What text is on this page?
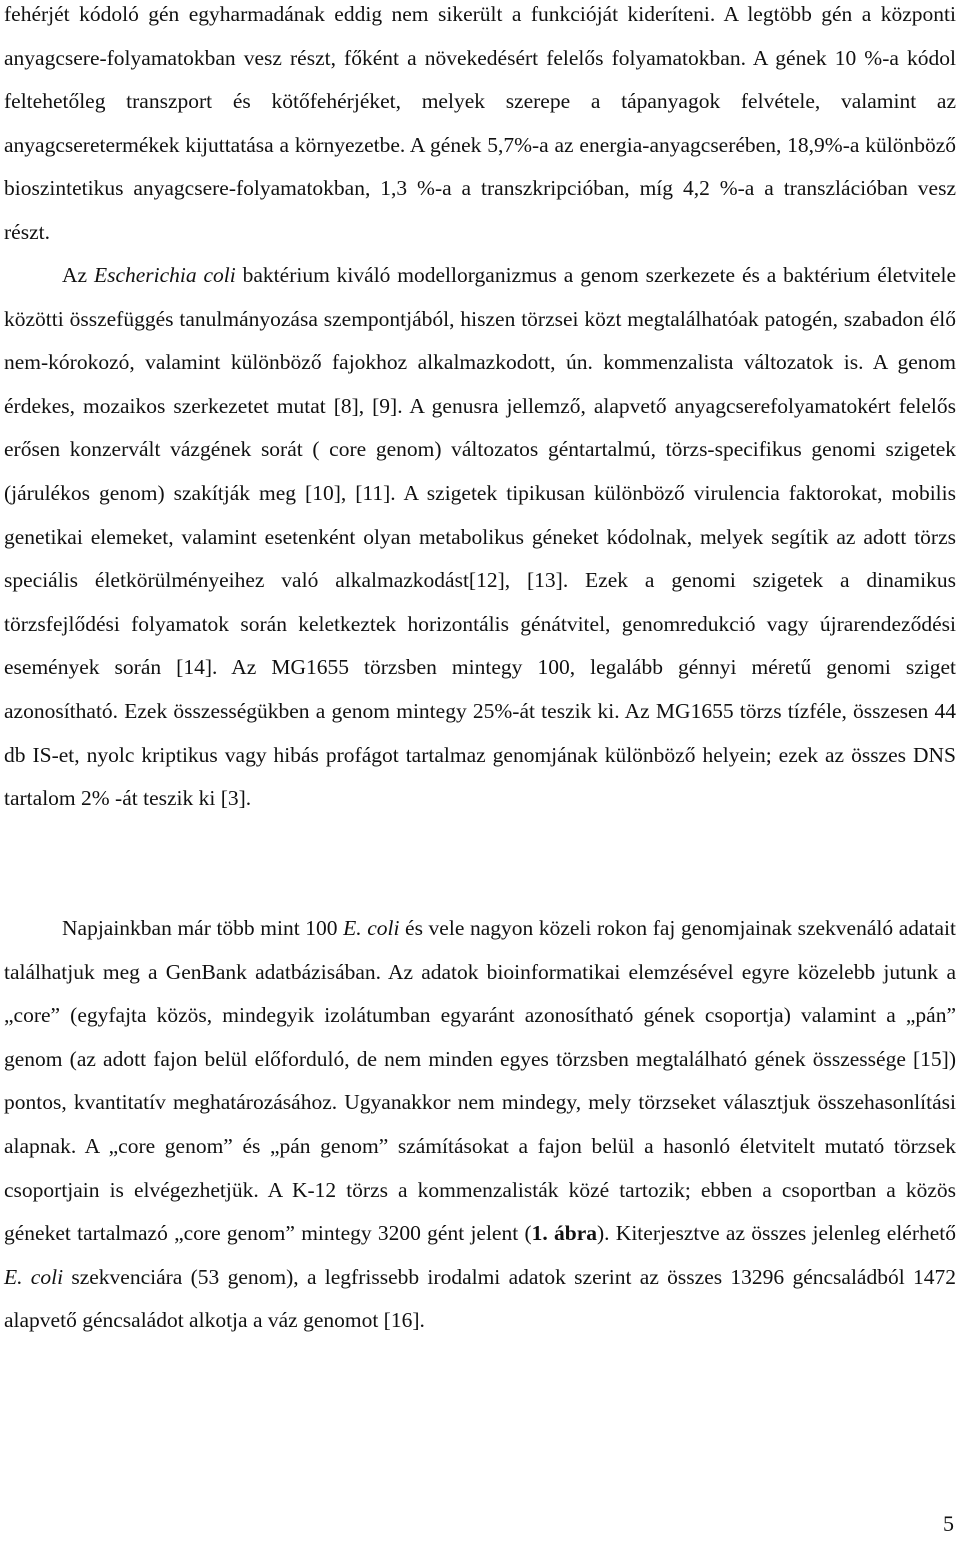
fehérjét kódoló gén egyharmadának eddig nem sikerült a funkcióját kideríteni. A legtöbb gén a központi anyagcsere-folyamatokban vesz részt, főként a növekedésért felelős folyamatokban. A gének 10 %-a kódol feltehetőleg transzport és kötőfehérjéket, melyek szerepe a tápanyagok felvétele, valamint az anyagcseretermékek kijuttatása a környezetbe. A gének 5,7%-a az energia-anyagcserében, 18,9%-a különböző bioszintetikus anyagcsere-folyamatokban, 1,3 %-a a transzkripcióban, míg 4,2 %-a a transzlációban vesz részt.

Az Escherichia coli baktérium kiváló modellorganizmus a genom szerkezete és a baktérium életvitele közötti összefüggés tanulmányozása szempontjából, hiszen törzsei közt megtalálhatóak patogén, szabadon élő nem-kórokozó, valamint különböző fajokhoz alkalmazkodott, ún. kommenzalista változatok is. A genom érdekes, mozaikos szerkezetet mutat [8], [9]. A genusra jellemző, alapvető anyagcserefolyamatokért felelős erősen konzervált vázgének sorát ( core genom) változatos géntartalmú, törzs-specifikus genomi szigetek (járulékos genom) szakítják meg [10], [11]. A szigetek tipikusan különböző virulencia faktorokat, mobilis genetikai elemeket, valamint esetenként olyan metabolikus géneket kódolnak, melyek segítik az adott törzs speciális életkörülményeihez való alkalmazkodást[12], [13]. Ezek a genomi szigetek a dinamikus törzsfejlődési folyamatok során keletkeztek horizontális génátvitel, genomredukció vagy újrarendeződési események során [14]. Az MG1655 törzsben mintegy 100, legalább génnyi méretű genomi sziget azonosítható. Ezek összességükben a genom mintegy 25%-át teszik ki. Az MG1655 törzs tízféle, összesen 44 db IS-et, nyolc kriptikus vagy hibás profágot tartalmaz genomjának különböző helyein; ezek az összes DNS tartalom 2% -át teszik ki [3].

Napjainkban már több mint 100 E. coli és vele nagyon közeli rokon faj genomjainak szekvenáló adatait találhatjuk meg a GenBank adatbázisában. Az adatok bioinformatikai elemzésével egyre közelebb jutunk a „core” (egyfajta közös, mindegyik izolátumban egyaránt azonosítható gének csoportja) valamint a „pán” genom (az adott fajon belül előforduló, de nem minden egyes törzsben megtalálható gének összessége [15]) pontos, kvantitatív meghatározásához. Ugyanakkor nem mindegy, mely törzseket választjuk összehasonlítási alapnak. A „core genom” és „pán genom” számításokat a fajon belül a hasonló életvitelt mutató törzsek csoportjain is elvégezhetjük. A K-12 törzs a kommenzalisták közé tartozik; ebben a csoportban a közös géneket tartalmazó „core genom” mintegy 3200 gént jelent (1. ábra). Kiterjesztve az összes jelenleg elérhető E. coli szekvenciára (53 genom), a legfrissebb irodalmi adatok szerint az összes 13296 géncsaládból 1472 alapvető géncsaládot alkotja a váz genomot [16].

5
